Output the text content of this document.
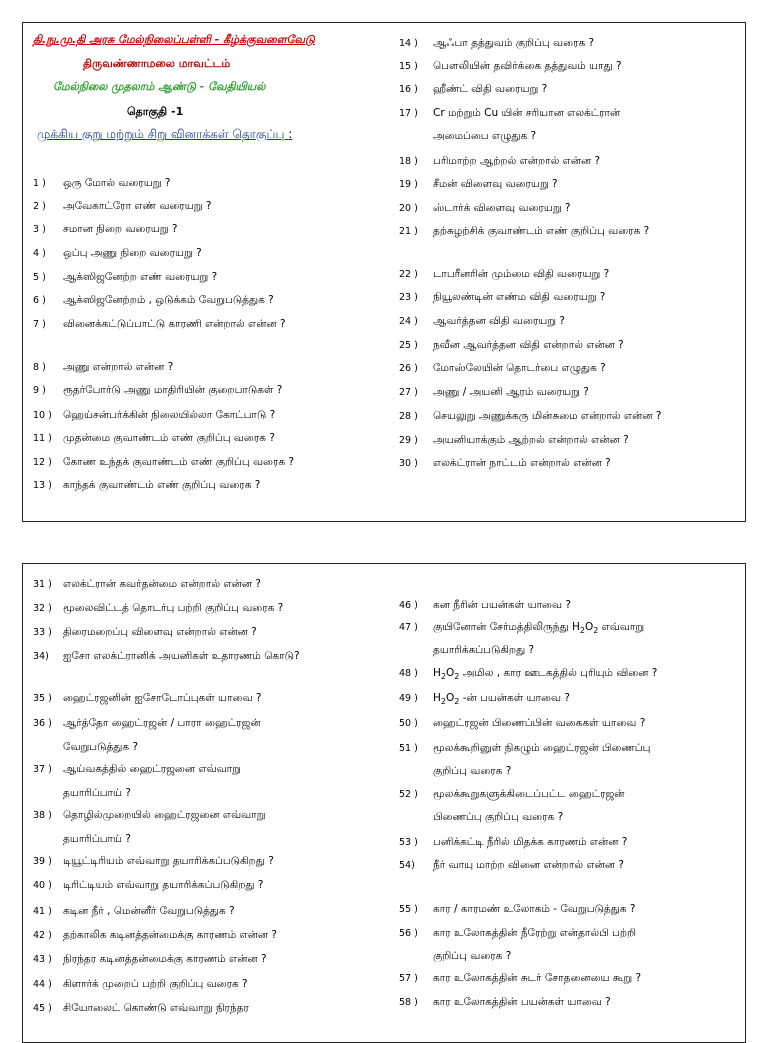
தி.நு.மு.தி அரசு மேல்நிலைப்பள்ளி - கீழ்க்குவளைவேடு
திருவண்ணாமலை மாவட்டம்
மேல்நிலை முதலாம் ஆண்டு - வேதியியல்
தொகுதி -1
முக்கிய குறு மற்றும் சிறு வினாக்கள் தொகுப்பு :
1 ) ஒரு மோல் வரையறு ?
2 ) அவேகாட்ரோ எண் வரையறு ?
3 ) சமான நிறை வரையறு ?
4 ) ஒப்பு அணு நிறை வரையறு ?
5 ) ஆக்ஸிஜனேற்ற எண் வரையறு ?
6 ) ஆக்ஸிஜனேற்றம் , ஒடுக்கம் வேறுபடுத்துக ?
7 ) வினைக்கட்டுப்பாட்டு காரணி என்றால் என்ன ?
8 ) அணு என்றால் என்ன ?
9 ) ரூதர்போர்டு அணு மாதிரியின் குறைபாடுகள் ?
10 ) ஹெய்சன்பர்க்கின் நிலையில்லா கோட்பாடு ?
11 ) முதன்மை குவாண்டம் எண் குறிப்பு வரைக ?
12 ) கோண உந்தக் குவாண்டம் எண் குறிப்பு வரைக ?
13 ) காந்தக் குவாண்டம் எண் குறிப்பு வரைக ?
14 ) ஆஃபா தத்துவம் குறிப்பு வரைக ?
15 ) பௌலியின் தவிர்க்கை தத்துவம் யாது ?
16 ) ஹீண்ட் விதி வரையறு ?
17 ) Cr மற்றும் Cu யின் சரியான எலக்ட்ரான்
அமைப்பை எழுதுக ?
18 ) பரிமாற்ற ஆற்றல் என்றால் என்ன ?
19 ) சீமன் விளைவு வரையறு ?
20 ) ஸ்டார்க் விளைவு வரையறு ?
21 ) தற்சுழற்சிக் குவாண்டம் எண் குறிப்பு வரைக ?
22 ) டாபரீனரின் மும்மை விதி வரையறு ?
23 ) நியூலண்டின் எண்ம விதி வரையறு ?
24 ) ஆவர்த்தன விதி வரையறு ?
25 ) நவீன ஆவர்த்தன விதி என்றால் என்ன ?
26 ) மோஸ்லேயின் தொடர்பை எழுதுக ?
27 ) அணு / அயனி ஆரம் வரையறு ?
28 ) செயலுறு அணுக்கரு மின்சுமை என்றால் என்ன ?
29 ) அயனியாக்கும் ஆற்றல் என்றால் என்ன ?
30 ) எலக்ட்ரான் நாட்டம் என்றால் என்ன ?
31 ) எலக்ட்ரான் கவர்தன்மை என்றால் என்ன ?
32 ) மூலைவிட்டத் தொடர்பு பற்றி குறிப்பு வரைக ?
33 ) திரைமறைப்பு விளைவு என்றால் என்ன ?
34) ஐசோ எலக்ட்ரானிக் அயனிகள் உதாரணம் கொடு?
35 ) ஹைட்ரஜனின் ஐசோடோப்புகள் யாவை ?
36 ) ஆர்த்தோ ஹைட்ரஜன் / பாரா ஹைட்ரஜன்
வேறுபடுத்துக ?
37 ) ஆய்வகத்தில் ஹைட்ரஜனை எவ்வாறு
தயாரிப்பாய் ?
38 ) தொழில்முறையில் ஹைட்ரஜனை எவ்வாறு
தயாரிப்பாய் ?
39 ) டியூட்டிரியம் எவ்வாறு தயாரிக்கப்படுகிறது ?
40 ) டிரிட்டியம் எவ்வாறு தயாரிக்கப்படுகிறது ?
41 ) கடின நீர் , மென்னீர் வேறுபடுத்துக ?
42 ) தற்காலிக கடினத்தன்மைக்கு காரணம் என்ன ?
43 ) நிரந்தர கடினத்தன்மைக்கு காரணம் என்ன ?
44 ) கிளார்க் முறைப் பற்றி குறிப்பு வரைக ?
45 ) சியோலைட் கொண்டு எவ்வாறு நிரந்தர
46 ) கன நீரின் பயன்கள் யாவை ?
47 ) குயினோன் சேர்மத்திலிருந்து $H_2O_2$ எவ்வாறு
தயாரிக்கப்படுகிறது ?
48 ) $H_2O_2$ அமில , கார ஊடகத்தில் புரியும் வினை ?
49 ) $H_2O_2$ -ன் பயன்கள் யாவை ?
50 ) ஹைட்ரஜன் பிணைப்பின் வகைகள் யாவை ?
51 ) மூலக்கூறினுள் நிகழும் ஹைட்ரஜன் பிணைப்பு
குறிப்பு வரைக ?
52 ) மூலக்கூறுகளுக்கிடைப்பட்ட ஹைட்ரஜன்
பிணைப்பு குறிப்பு வரைக ?
53 ) பனிக்கட்டி நீரில் மிதக்க காரணம் என்ன ?
54) நீர் வாயு மாற்ற வினை என்றால் என்ன ?
55 ) கார / காரமண் உலோகம் - வேறுபடுத்துக ?
56 ) கார உலோகத்தின் நீரேற்று என்தால்பி பற்றி
குறிப்பு வரைக ?
57 ) கார உலோகத்தின் சுடர் சோதனையை கூறு ?
58 ) கார உலோகத்தின் பயன்கள் யாவை ?
